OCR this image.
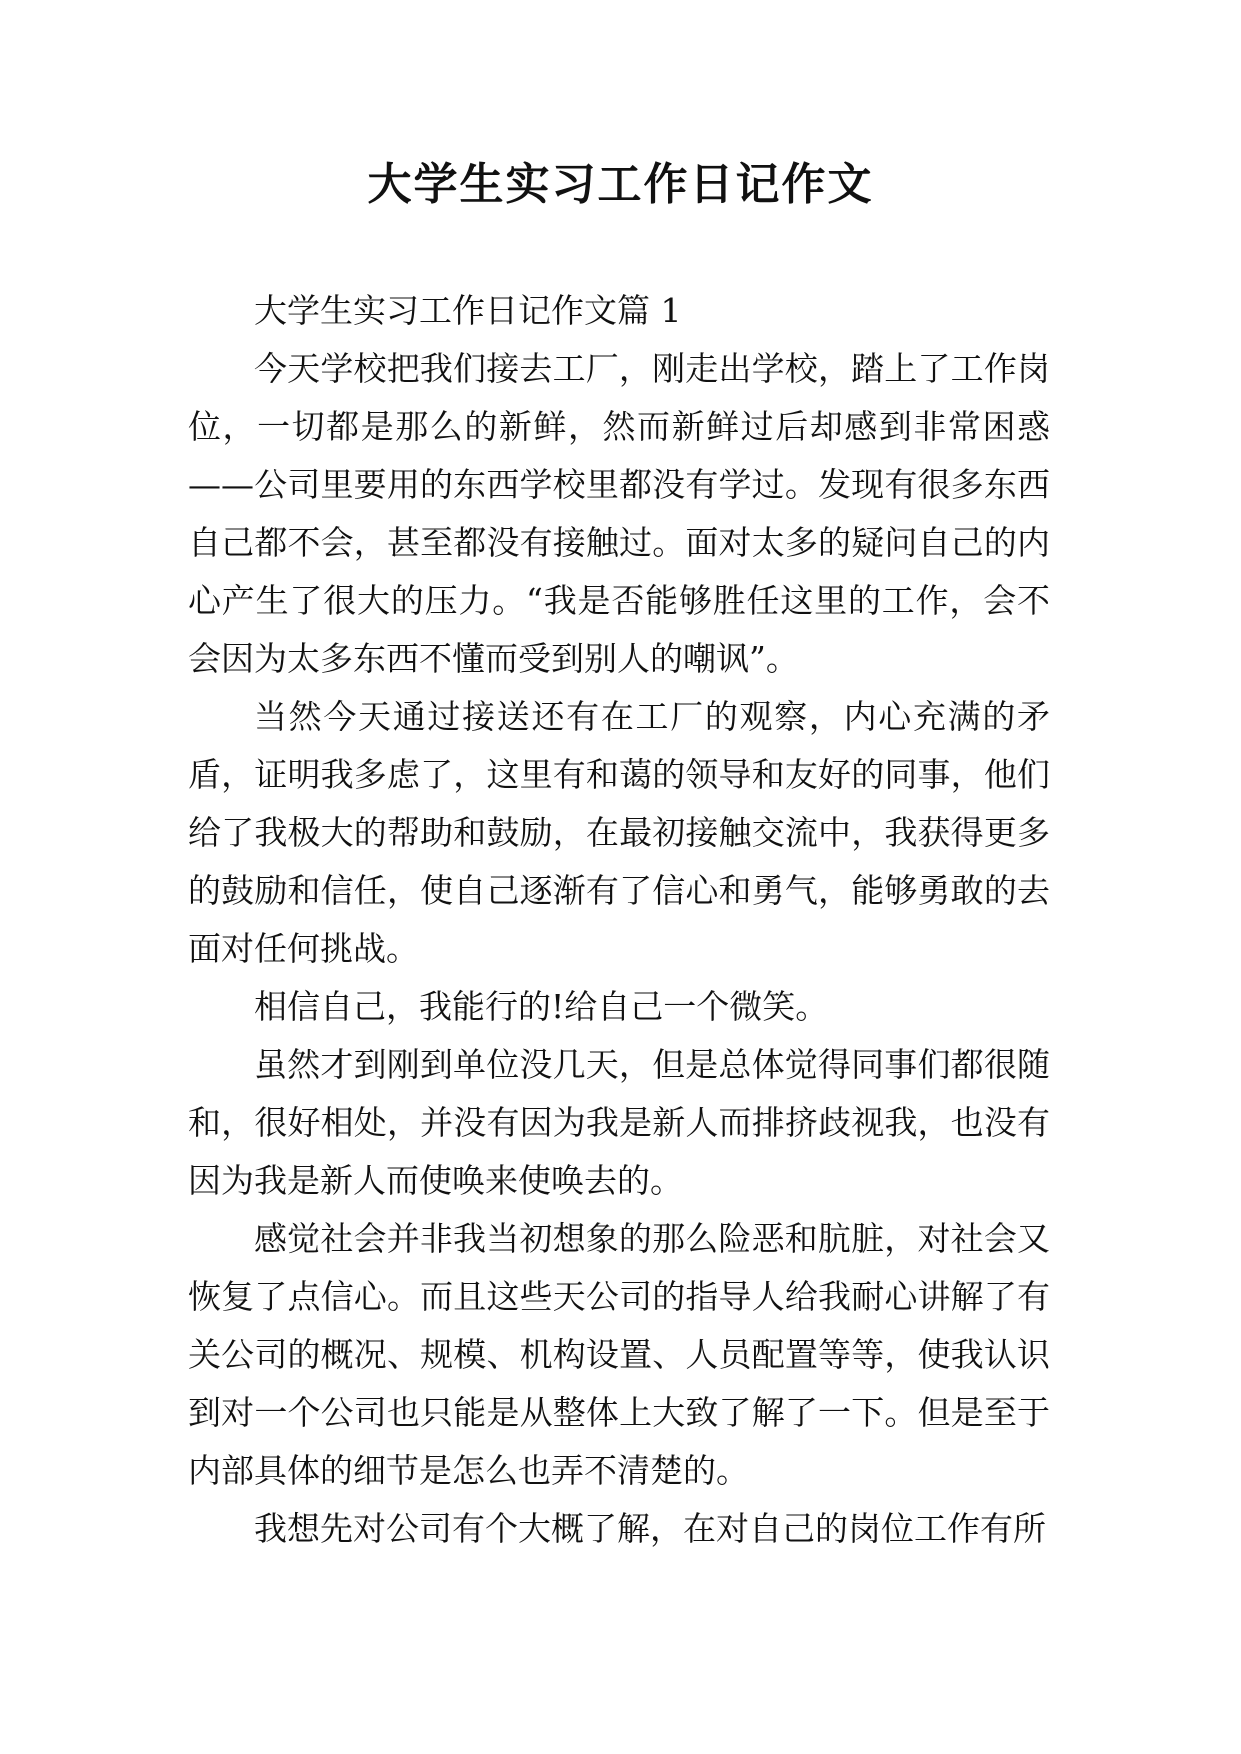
大学生实习工作日记作文

大学生实习工作日记作文篇 1

今天学校把我们接去工厂，刚走出学校，踏上了工作岗位，一切都是那么的新鲜，然而新鲜过后却感到非常困惑——公司里要用的东西学校里都没有学过。发现有很多东西自己都不会，甚至都没有接触过。面对太多的疑问自己的内心产生了很大的压力。“我是否能够胜任这里的工作，会不会因为太多东西不懂而受到别人的嘲讽”。

当然今天通过接送还有在工厂的观察，内心充满的矛盾，证明我多虑了，这里有和蔼的领导和友好的同事，他们给了我极大的帮助和鼓励，在最初接触交流中，我获得更多的鼓励和信任，使自己逐渐有了信心和勇气，能够勇敢的去面对任何挑战。

相信自己，我能行的!给自己一个微笑。

虽然才到刚到单位没几天，但是总体觉得同事们都很随和，很好相处，并没有因为我是新人而排挤歧视我，也没有因为我是新人而使唤来使唤去的。

感觉社会并非我当初想象的那么险恶和肮脏，对社会又恢复了点信心。而且这些天公司的指导人给我耐心讲解了有关公司的概况、规模、机构设置、人员配置等等，使我认识到对一个公司也只能是从整体上大致了解了一下。但是至于内部具体的细节是怎么也弄不清楚的。

我想先对公司有个大概了解，在对自己的岗位工作有所
